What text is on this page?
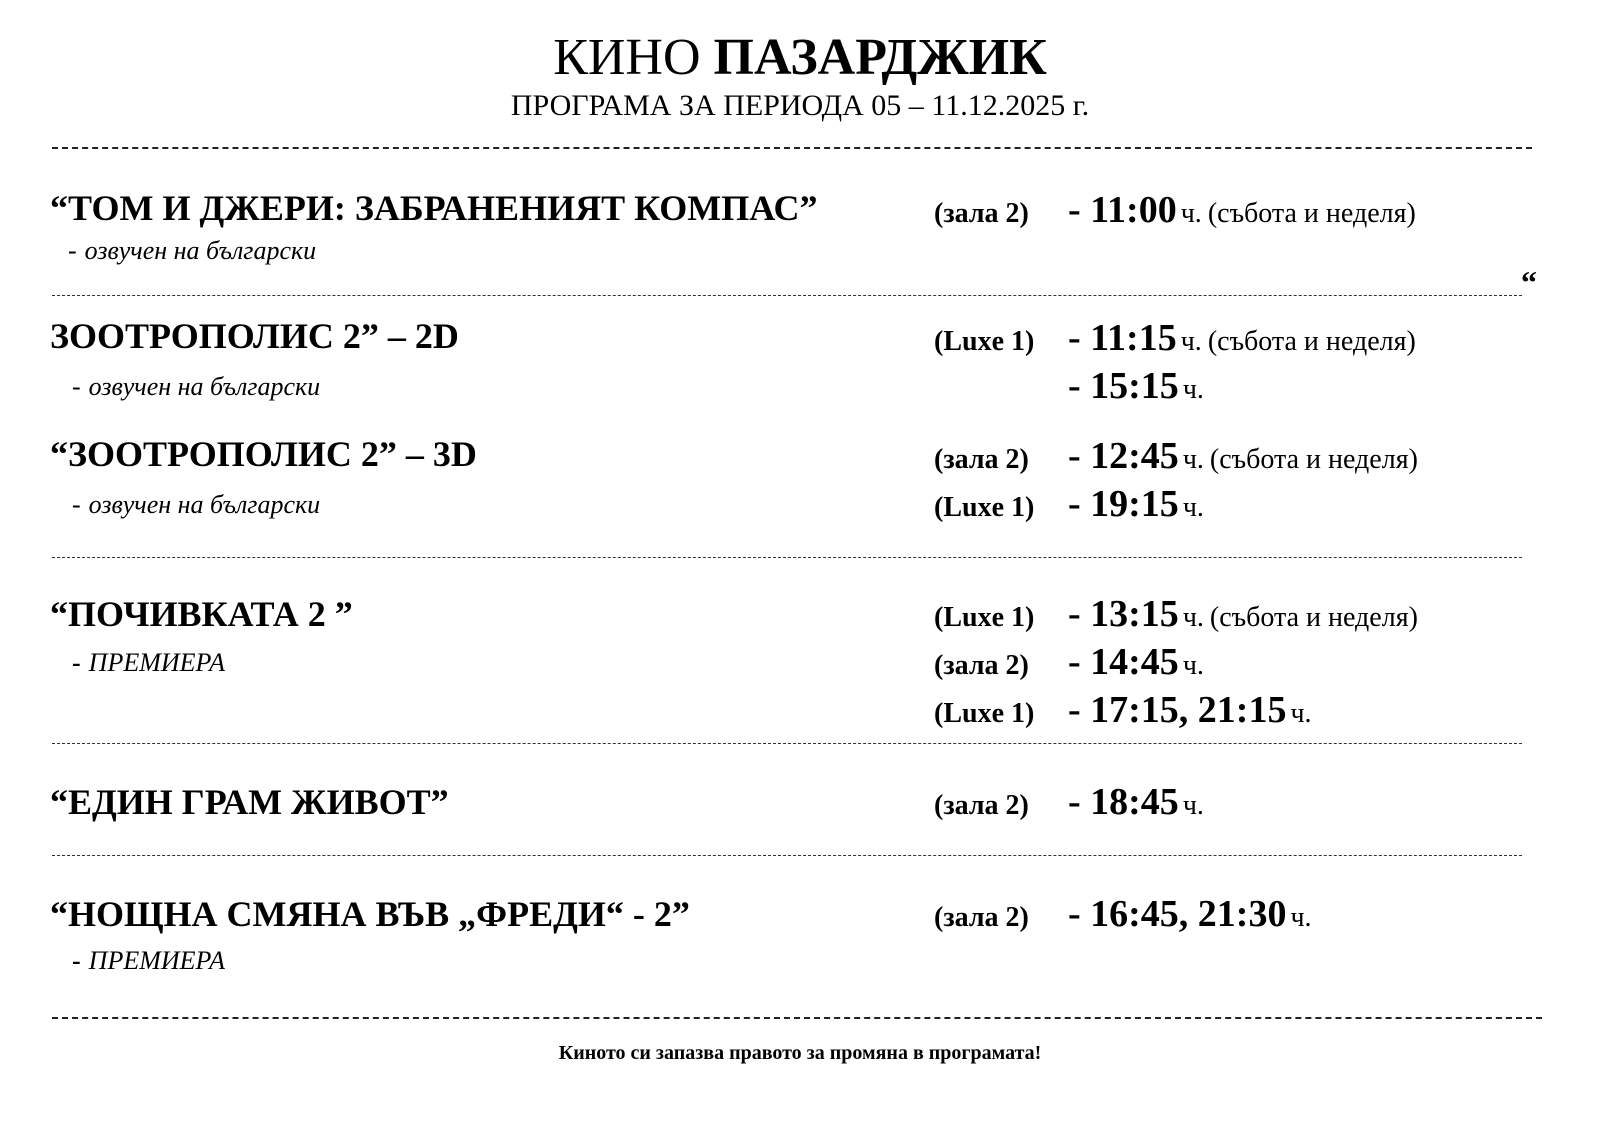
КИНО ПАЗАРДЖИК
ПРОГРАМА ЗА ПЕРИОДА 05 – 11.12.2025 г.
“ТОМ И ДЖЕРИ: ЗАБРАНЕНИЯТ КОМПАС”
- озвучен на български
(зала 2) - 11:00 ч. (събота и неделя)
“
ЗООТРОПОЛИС 2” – 2D
- озвучен на български
(Luxe 1) - 11:15 ч. (събота и неделя)
- 15:15 ч.
“ЗООТРОПОЛИС 2” – 3D
- озвучен на български
(зала 2) - 12:45 ч. (събота и неделя)
(Luxe 1) - 19:15 ч.
“ПОЧИВКАТА 2 ”
- ПРЕМИЕРА
(Luxe 1) - 13:15 ч. (събота и неделя)
(зала 2) - 14:45 ч.
(Luxe 1) - 17:15, 21:15 ч.
“ЕДИН ГРАМ ЖИВОТ”	(зала 2) - 18:45 ч.
“НОЩНА СМЯНА ВЪВ „ФРЕДИ“ - 2”
- ПРЕМИЕРА
(зала 2) - 16:45, 21:30 ч.
Киното си запазва правото за промяна в програмата!
